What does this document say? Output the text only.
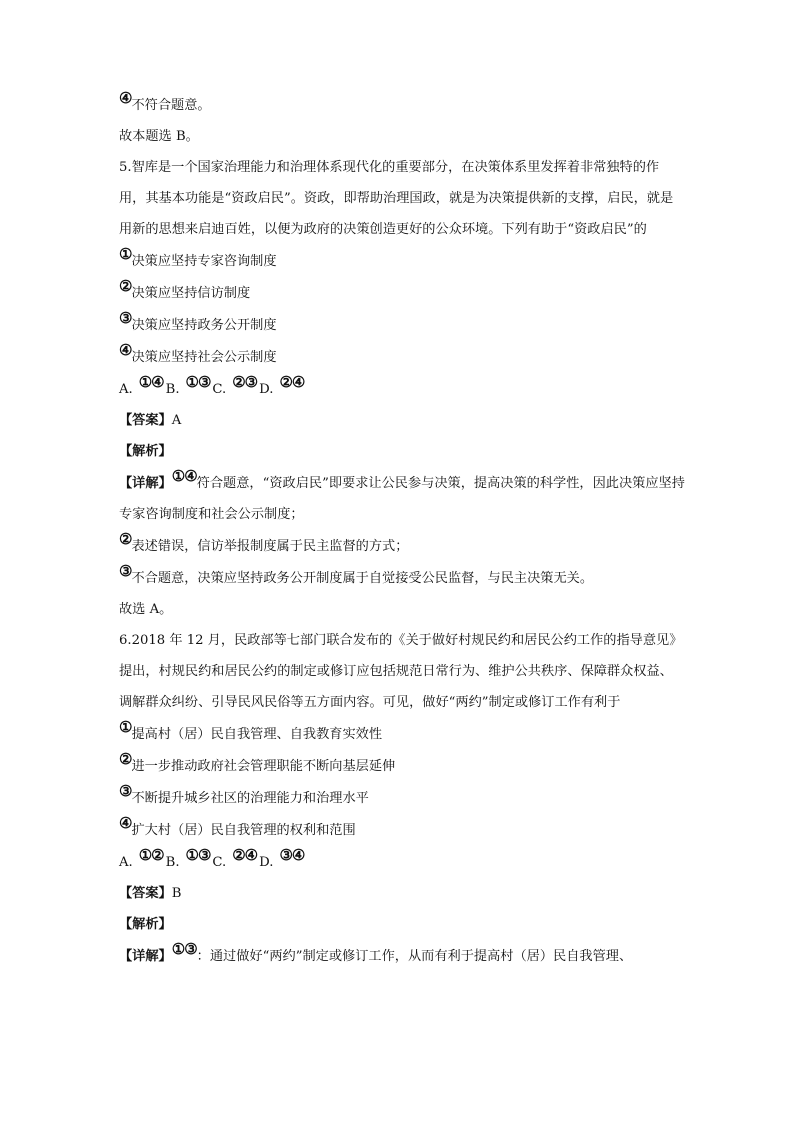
④不符合题意。
故本题选 B。
5.智库是一个国家治理能力和治理体系现代化的重要部分，在决策体系里发挥着非常独特的作用，其基本功能是“资政启民”。资政，即帮助治理国政，就是为决策提供新的支撑，启民，就是用新的思想来启迪百姓，以便为政府的决策创造更好的公众环境。下列有助于“资政启民”的
①决策应坚持专家咨询制度
②决策应坚持信访制度
③决策应坚持政务公开制度
④决策应坚持社会公示制度
A. ①④ B. ①③ C. ②③ D. ②④
【答案】A
【解析】
【详解】①④符合题意，“资政启民”即要求让公民参与决策，提高决策的科学性，因此决策应坚持专家咨询制度和社会公示制度；
②表述错误，信访举报制度属于民主监督的方式；
③不合题意，决策应坚持政务公开制度属于自觉接受公民监督，与民主决策无关。
故选 A。
6.2018 年 12 月，民政部等七部门联合发布的《关于做好村规民约和居民公约工作的指导意见》提出，村规民约和居民公约的制定或修订应包括规范日常行为、维护公共秩序、保障群众权益、调解群众纠纷、引导民风民俗等五方面内容。可见，做好“两约”制定或修订工作有利于
①提高村（居）民自我管理、自我教育实效性
②进一步推动政府社会管理职能不断向基层延伸
③不断提升城乡社区的治理能力和治理水平
④扩大村（居）民自我管理的权利和范围
A. ①② B. ①③ C. ②④ D. ③④
【答案】B
【解析】
【详解】①③：通过做好“两约”制定或修订工作，从而有利于提高村（居）民自我管理、
